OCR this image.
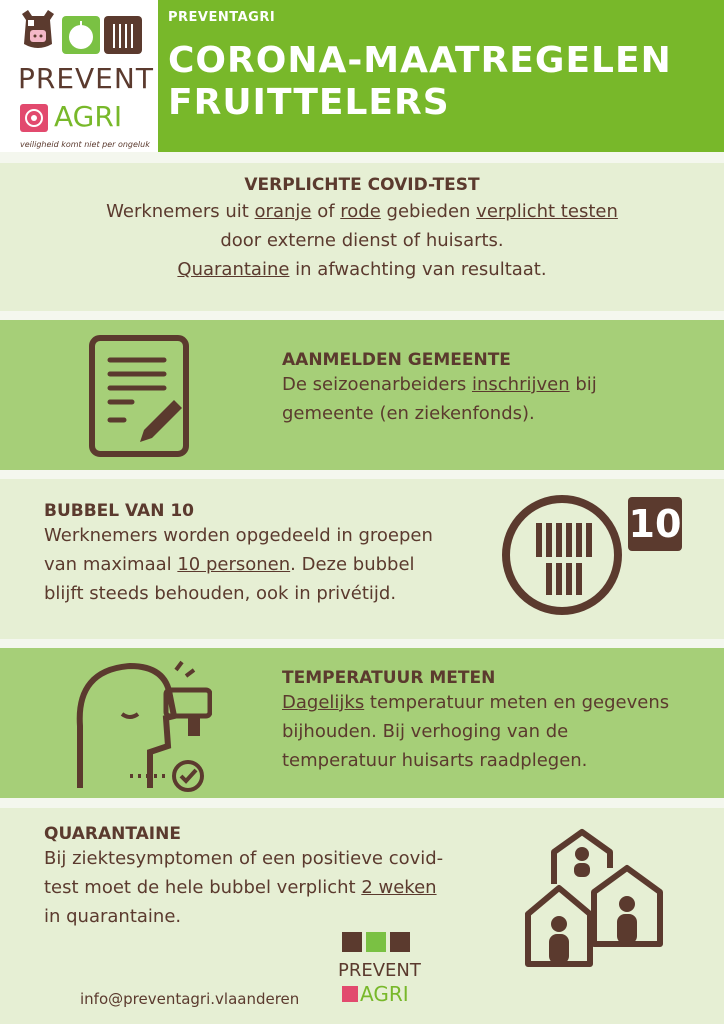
PREVENT
AGRI
veiligheid komt niet per ongeluk
PREVENTAGRI
CORONA-MAATREGELEN
FRUITTELERS
VERPLICHTE COVID-TEST
Werknemers uit oranje of rode gebieden verplicht testen
door externe dienst of huisarts.
Quarantaine in afwachting van resultaat.
AANMELDEN GEMEENTE
De seizoenarbeiders inschrijven bij
gemeente (en ziekenfonds).
BUBBEL VAN 10
Werknemers worden opgedeeld in groepen
van maximaal 10 personen. Deze bubbel
blijft steeds behouden, ook in privétijd.
10
TEMPERATUUR METEN
Dagelijks temperatuur meten en gegevens
bijhouden. Bij verhoging van de
temperatuur huisarts raadplegen.
QUARANTAINE
Bij ziektesymptomen of een positieve covid-
test moet de hele bubbel verplicht 2 weken
in quarantaine.
PREVENT
AGRI
info@preventagri.vlaanderen
